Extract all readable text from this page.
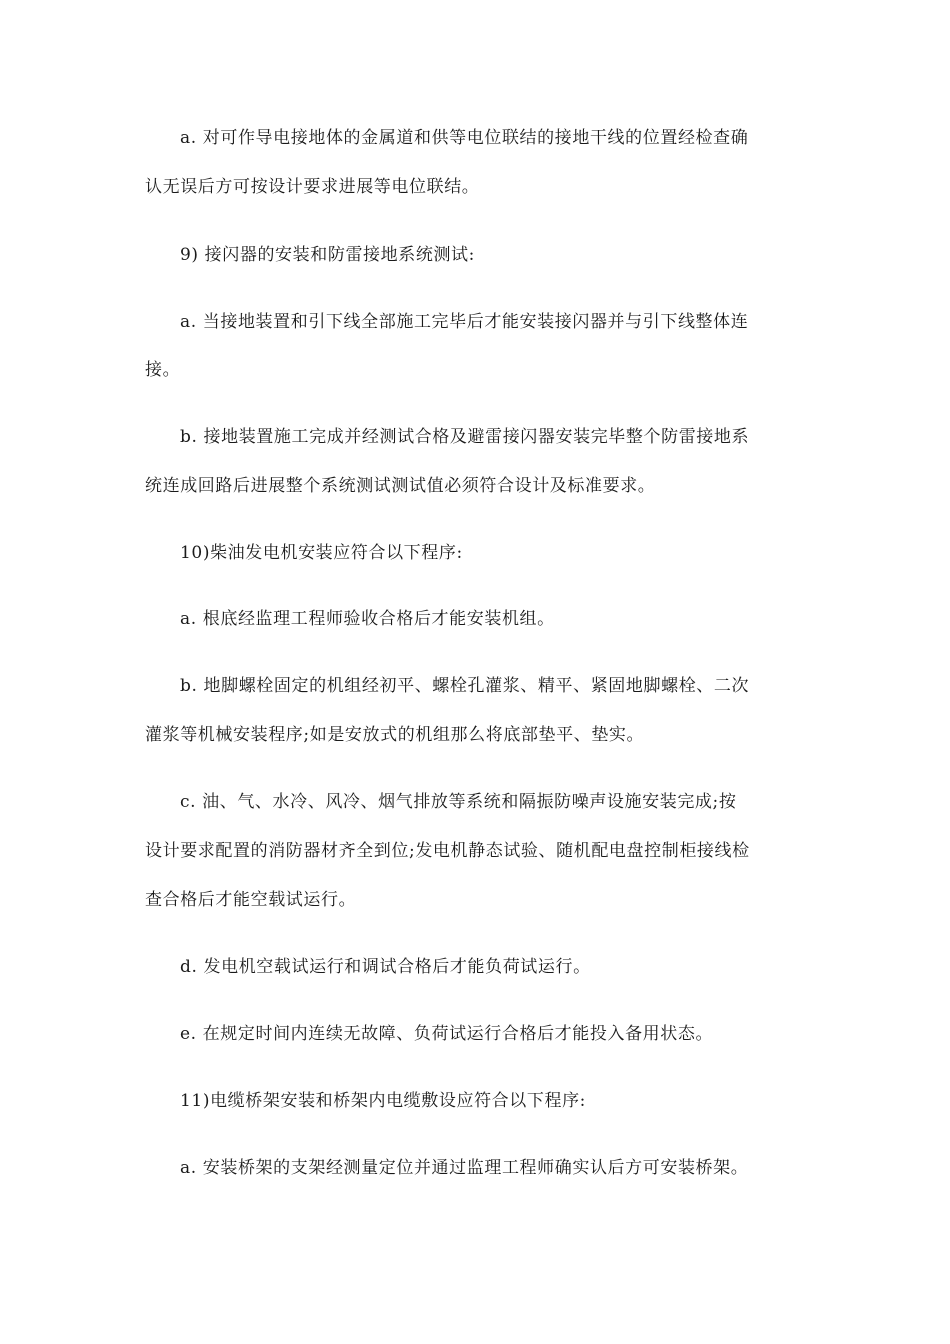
a. 对可作导电接地体的金属道和供等电位联结的接地干线的位置经检查确
认无误后方可按设计要求进展等电位联结。
9) 接闪器的安装和防雷接地系统测试:
a. 当接地装置和引下线全部施工完毕后才能安装接闪器并与引下线整体连
接。
b. 接地装置施工完成并经测试合格及避雷接闪器安装完毕整个防雷接地系
统连成回路后进展整个系统测试测试值必须符合设计及标准要求。
10)柴油发电机安装应符合以下程序:
a. 根底经监理工程师验收合格后才能安装机组。
b. 地脚螺栓固定的机组经初平、螺栓孔灌浆、精平、紧固地脚螺栓、二次
灌浆等机械安装程序;如是安放式的机组那么将底部垫平、垫实。
c. 油、气、水冷、风冷、烟气排放等系统和隔振防噪声设施安装完成;按
设计要求配置的消防器材齐全到位;发电机静态试验、随机配电盘控制柜接线检
查合格后才能空载试运行。
d. 发电机空载试运行和调试合格后才能负荷试运行。
e. 在规定时间内连续无故障、负荷试运行合格后才能投入备用状态。
11)电缆桥架安装和桥架内电缆敷设应符合以下程序:
a. 安装桥架的支架经测量定位并通过监理工程师确实认后方可安装桥架。
